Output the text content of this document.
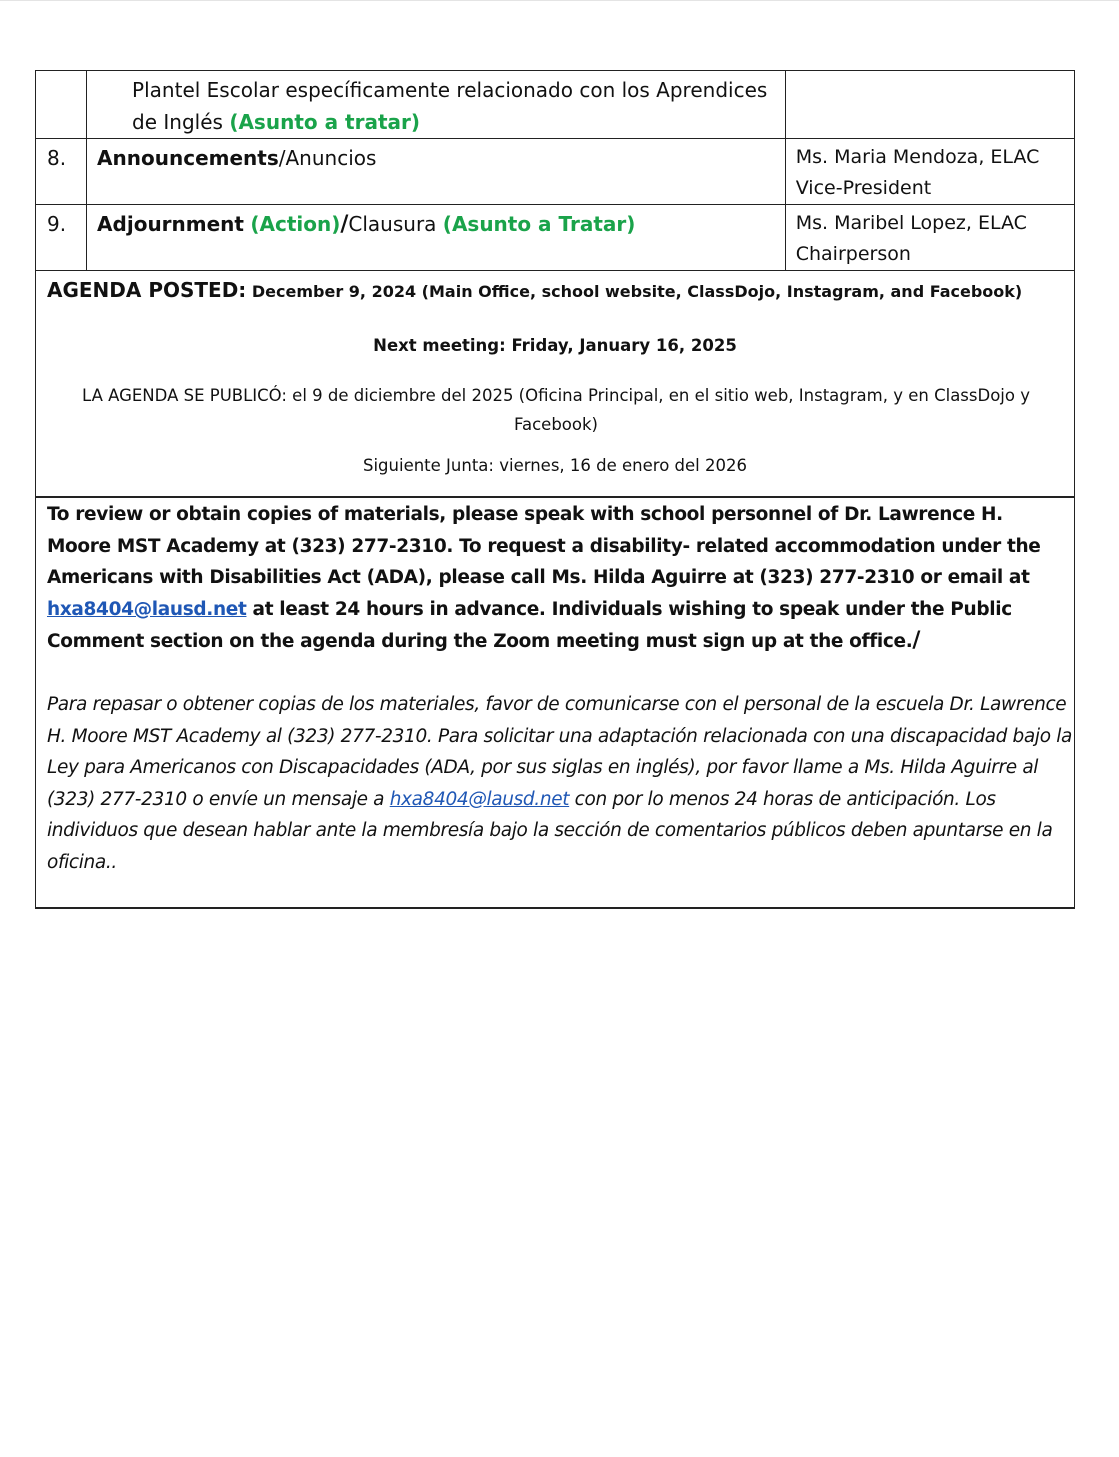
	Plantel Escolar específicamente relacionado con los Aprendices de Inglés (Asunto a tratar)	

8.	Announcements/Anuncios	Ms. Maria Mendoza, ELAC
Vice-President

9.	Adjournment (Action)/Clausura (Asunto a Tratar)	Ms. Maribel Lopez, ELAC
Chairperson
AGENDA POSTED: December 9, 2024 (Main Office, school website, ClassDojo, Instagram, and Facebook)
Next meeting: Friday, January 16, 2025
LA AGENDA SE PUBLICÓ: el 9 de diciembre del 2025 (Oficina Principal, en el sitio web, Instagram, y en ClassDojo y Facebook)
Siguiente Junta: viernes, 16 de enero del 2026
To review or obtain copies of materials, please speak with school personnel of Dr. Lawrence H. Moore MST Academy at (323) 277-2310. To request a disability- related accommodation under the Americans with Disabilities Act (ADA), please call Ms. Hilda Aguirre at (323) 277-2310 or email at hxa8404@lausd.net at least 24 hours in advance. Individuals wishing to speak under the Public Comment section on the agenda during the Zoom meeting must sign up at the office./
Para repasar o obtener copias de los materiales, favor de comunicarse con el personal de la escuela Dr. Lawrence H. Moore MST Academy al (323) 277-2310. Para solicitar una adaptación relacionada con una discapacidad bajo la Ley para Americanos con Discapacidades (ADA, por sus siglas en inglés), por favor llame a Ms. Hilda Aguirre al (323) 277-2310 o envíe un mensaje a hxa8404@lausd.net con por lo menos 24 horas de anticipación. Los individuos que desean hablar ante la membresía bajo la sección de comentarios públicos deben apuntarse en la oficina..
